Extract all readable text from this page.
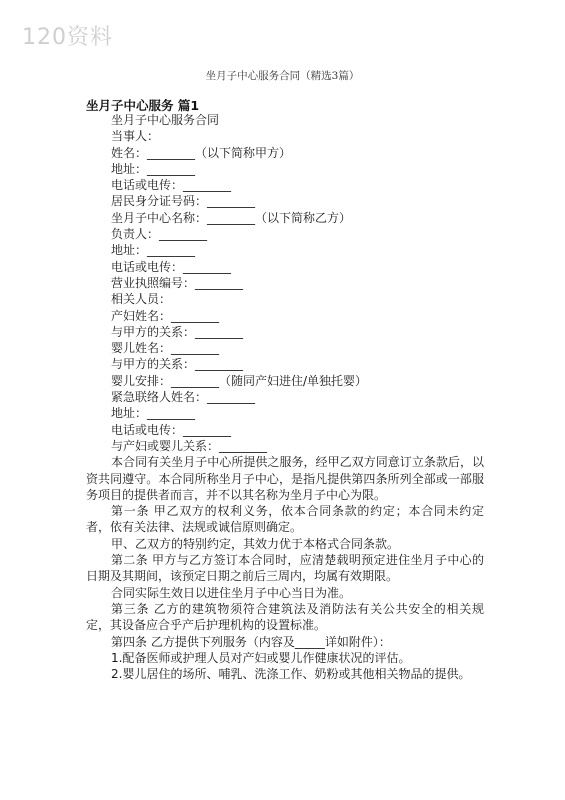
120资料
坐月子中心服务合同（精选3篇）
坐月子中心服务 篇1
坐月子中心服务合同
当事人：
姓名：________（以下简称甲方）
地址：________
电话或电传：________
居民身分证号码：________
坐月子中心名称：________（以下简称乙方）
负责人：________
地址：________
电话或电传：________
营业执照编号：________
相关人员：
产妇姓名：________
与甲方的关系：________
婴儿姓名：________
与甲方的关系：________
婴儿安排：________（随同产妇进住/单独托婴）
紧急联络人姓名：________
地址：________
电话或电传：________
与产妇或婴儿关系：________
本合同有关坐月子中心所提供之服务，经甲乙双方同意订立条款后，以资共同遵守。本合同所称坐月子中心，是指凡提供第四条所列全部或一部服务项目的提供者而言，并不以其名称为坐月子中心为限。
第一条 甲乙双方的权利义务，依本合同条款的约定；本合同未约定者，依有关法律、法规或诚信原则确定。
甲、乙双方的特别约定，其效力优于本格式合同条款。
第二条 甲方与乙方签订本合同时，应清楚载明预定进住坐月子中心的日期及其期间，该预定日期之前后三周内，均属有效期限。
合同实际生效日以进住坐月子中心当日为准。
第三条 乙方的建筑物须符合建筑法及消防法有关公共安全的相关规定，其设备应合乎产后护理机构的设置标准。
第四条 乙方提供下列服务（内容及_____详如附件）：
1.配备医师或护理人员对产妇或婴儿作健康状况的评估。
2.婴儿居住的场所、哺乳、洗涤工作、奶粉或其他相关物品的提供。
